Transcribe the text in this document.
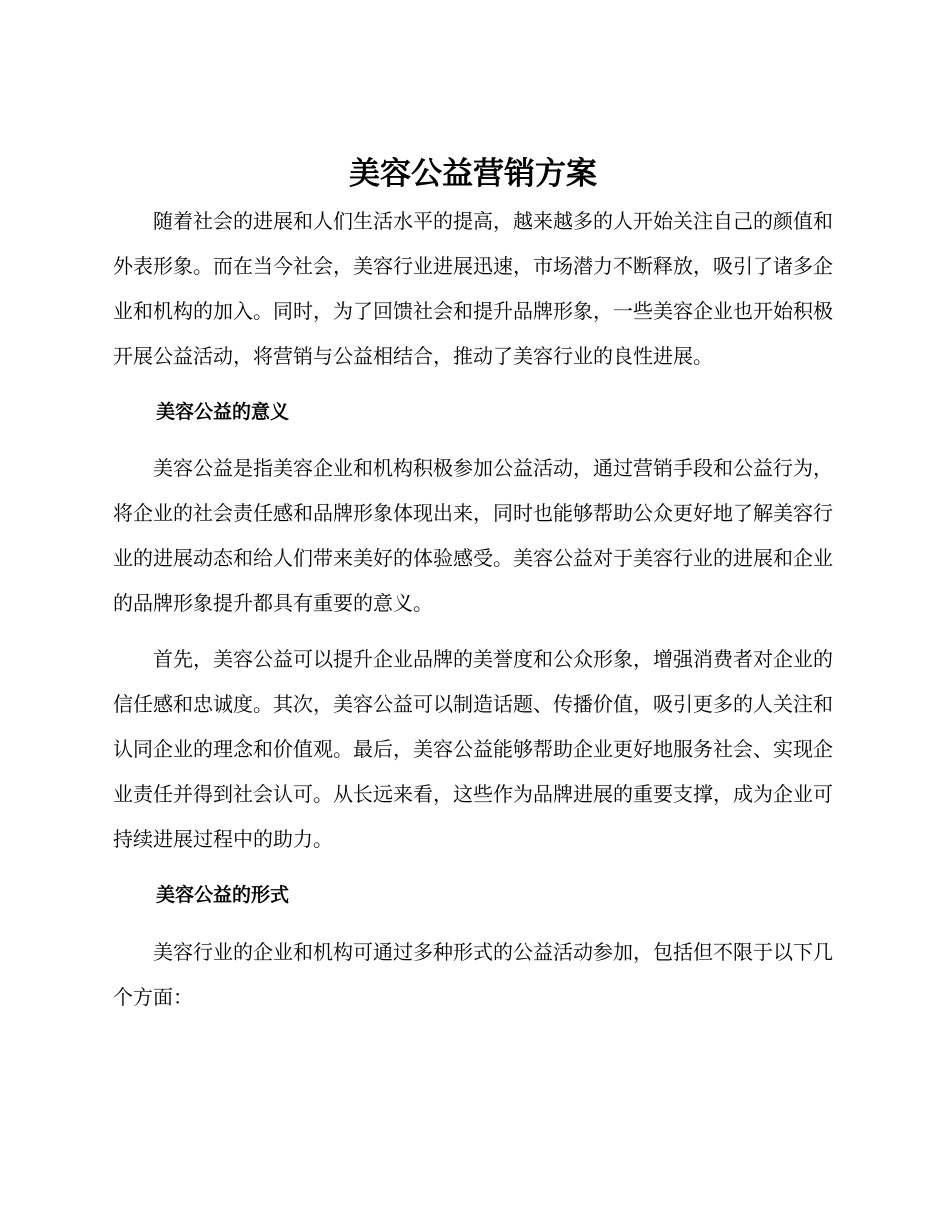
美容公益营销方案

随着社会的进展和人们生活水平的提高，越来越多的人开始关注自己的颜值和外表形象。而在当今社会，美容行业进展迅速，市场潜力不断释放，吸引了诸多企业和机构的加入。同时，为了回馈社会和提升品牌形象，一些美容企业也开始积极开展公益活动，将营销与公益相结合，推动了美容行业的良性进展。

美容公益的意义

美容公益是指美容企业和机构积极参加公益活动，通过营销手段和公益行为，将企业的社会责任感和品牌形象体现出来，同时也能够帮助公众更好地了解美容行业的进展动态和给人们带来美好的体验感受。美容公益对于美容行业的进展和企业的品牌形象提升都具有重要的意义。

首先，美容公益可以提升企业品牌的美誉度和公众形象，增强消费者对企业的信任感和忠诚度。其次，美容公益可以制造话题、传播价值，吸引更多的人关注和认同企业的理念和价值观。最后，美容公益能够帮助企业更好地服务社会、实现企业责任并得到社会认可。从长远来看，这些作为品牌进展的重要支撑，成为企业可持续进展过程中的助力。

美容公益的形式

美容行业的企业和机构可通过多种形式的公益活动参加，包括但不限于以下几个方面：
